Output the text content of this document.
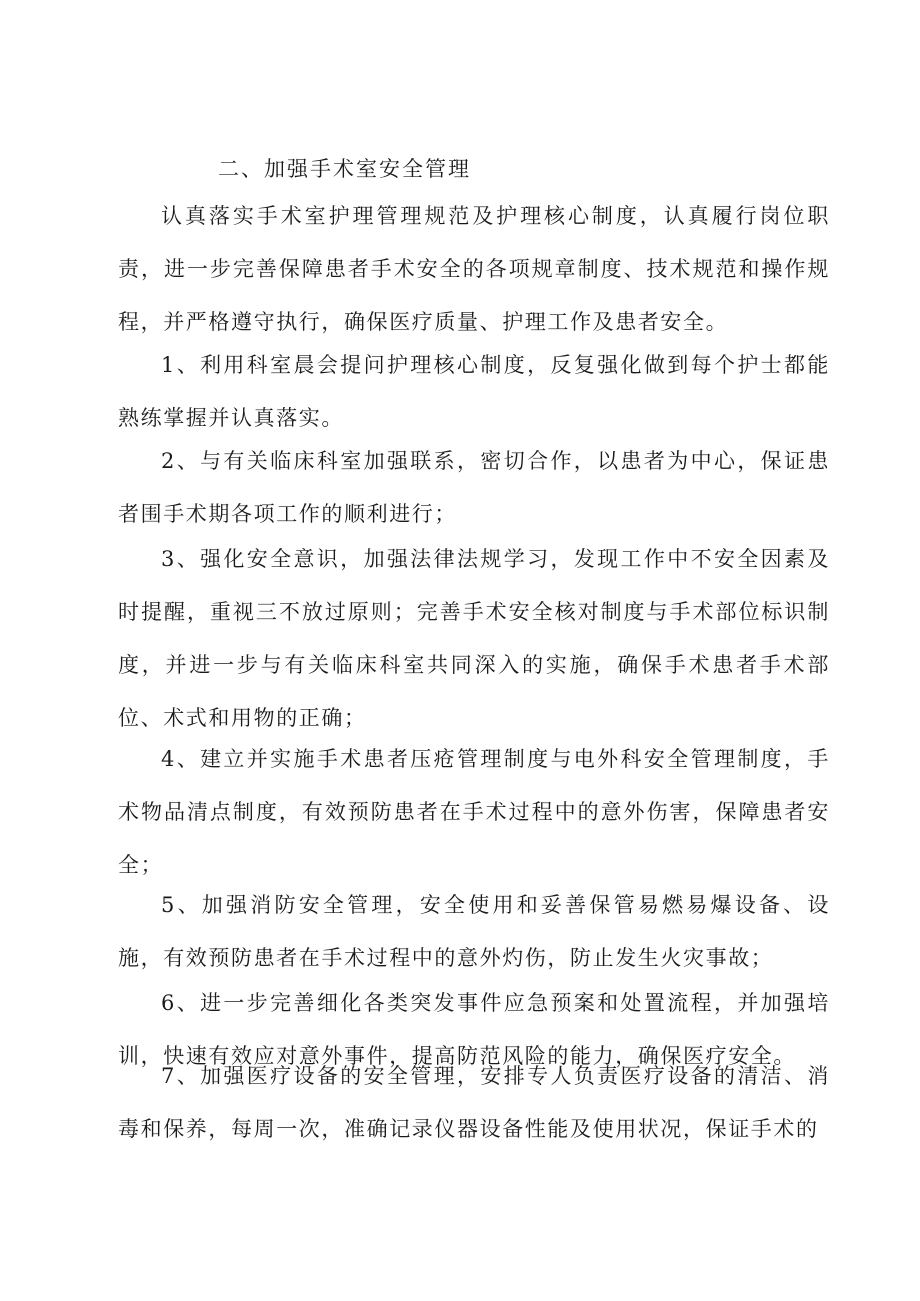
二、加强手术室安全管理

认真落实手术室护理管理规范及护理核心制度，认真履行岗位职责，进一步完善保障患者手术安全的各项规章制度、技术规范和操作规程，并严格遵守执行，确保医疗质量、护理工作及患者安全。

1、利用科室晨会提问护理核心制度，反复强化做到每个护士都能熟练掌握并认真落实。

2、与有关临床科室加强联系，密切合作，以患者为中心，保证患者围手术期各项工作的顺利进行；

3、强化安全意识，加强法律法规学习，发现工作中不安全因素及时提醒，重视三不放过原则；完善手术安全核对制度与手术部位标识制度，并进一步与有关临床科室共同深入的实施，确保手术患者手术部位、术式和用物的正确；

4、建立并实施手术患者压疮管理制度与电外科安全管理制度，手术物品清点制度，有效预防患者在手术过程中的意外伤害，保障患者安全；

5、加强消防安全管理，安全使用和妥善保管易燃易爆设备、设施，有效预防患者在手术过程中的意外灼伤，防止发生火灾事故；

6、进一步完善细化各类突发事件应急预案和处置流程，并加强培训，快速有效应对意外事件，提高防范风险的能力，确保医疗安全。

7、加强医疗设备的安全管理，安排专人负责医疗设备的清洁、消毒和保养，每周一次，准确记录仪器设备性能及使用状况，保证手术的
